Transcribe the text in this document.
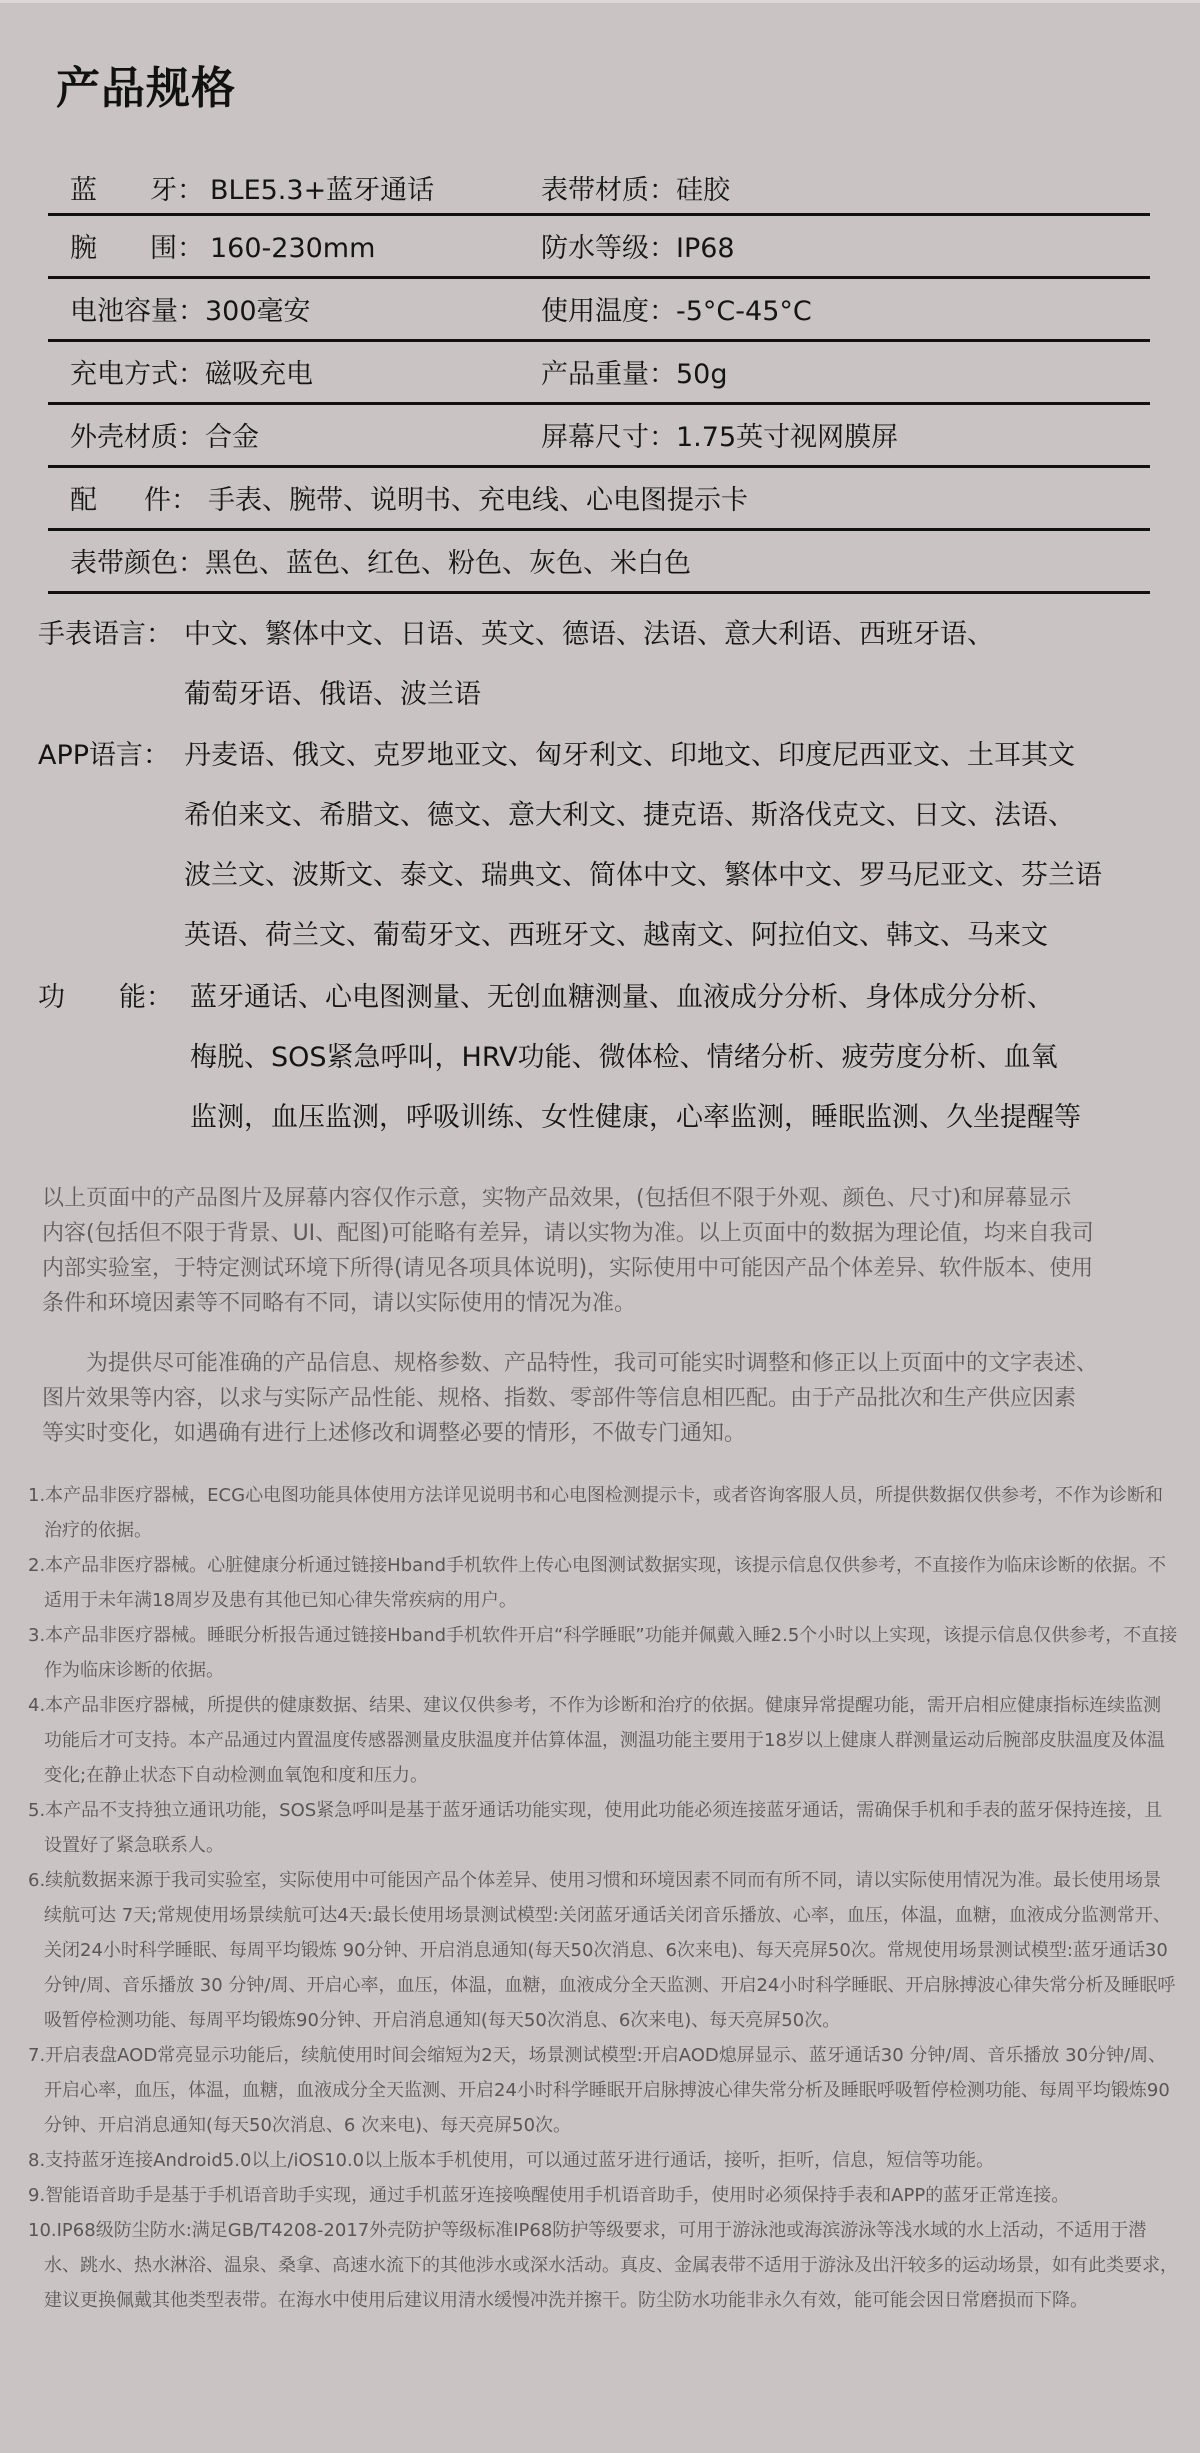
产品规格
蓝 牙： BLE5.3+蓝牙通话	表带材质：硅胶
腕 围： 160-230mm	防水等级：IP68
电池容量：300毫安	使用温度：-5°C-45°C
充电方式：磁吸充电	产品重量：50g
外壳材质：合金	屏幕尺寸：1.75英寸视网膜屏
配 件： 手表、腕带、说明书、充电线、心电图提示卡
表带颜色：黑色、蓝色、红色、粉色、灰色、米白色
手表语言： 中文、繁体中文、日语、英文、德语、法语、意大利语、西班牙语、
葡萄牙语、俄语、波兰语
APP语言： 丹麦语、俄文、克罗地亚文、匈牙利文、印地文、印度尼西亚文、土耳其文
希伯来文、希腊文、德文、意大利文、捷克语、斯洛伐克文、日文、法语、
波兰文、波斯文、泰文、瑞典文、简体中文、繁体中文、罗马尼亚文、芬兰语
英语、荷兰文、葡萄牙文、西班牙文、越南文、阿拉伯文、韩文、马来文
功　　能： 蓝牙通话、心电图测量、无创血糖测量、血液成分分析、身体成分分析、
梅脱、SOS紧急呼叫，HRV功能、微体检、情绪分析、疲劳度分析、血氧
监测，血压监测，呼吸训练、女性健康，心率监测，睡眠监测、久坐提醒等

以上页面中的产品图片及屏幕内容仅作示意，实物产品效果，(包括但不限于外观、颜色、尺寸)和屏幕显示

内容(包括但不限于背景、UI、配图)可能略有差异，请以实物为准。以上页面中的数据为理论值，均来自我司

内部实验室，于特定测试环境下所得(请见各项具体说明)，实际使用中可能因产品个体差异、软件版本、使用

条件和环境因素等不同略有不同，请以实际使用的情况为准。

　　为提供尽可能准确的产品信息、规格参数、产品特性，我司可能实时调整和修正以上页面中的文字表述、

图片效果等内容，以求与实际产品性能、规格、指数、零部件等信息相匹配。由于产品批次和生产供应因素

等实时变化，如遇确有进行上述修改和调整必要的情形，不做专门通知。

1.本产品非医疗器械，ECG心电图功能具体使用方法详见说明书和心电图检测提示卡，或者咨询客服人员，所提供数据仅供参考，不作为诊断和治疗的依据。
2.本产品非医疗器械。心脏健康分析通过链接Hband手机软件上传心电图测试数据实现，该提示信息仅供参考，不直接作为临床诊断的依据。不适用于未年满18周岁及患有其他已知心律失常疾病的用户。
3.本产品非医疗器械。睡眠分析报告通过链接Hband手机软件开启“科学睡眠”功能并佩戴入睡2.5个小时以上实现，该提示信息仅供参考，不直接作为临床诊断的依据。
4.本产品非医疗器械，所提供的健康数据、结果、建议仅供参考，不作为诊断和治疗的依据。健康异常提醒功能，需开启相应健康指标连续监测功能后才可支持。本产品通过内置温度传感器测量皮肤温度并估算体温，测温功能主要用于18岁以上健康人群测量运动后腕部皮肤温度及体温变化;在静止状态下自动检测血氧饱和度和压力。
5.本产品不支持独立通讯功能，SOS紧急呼叫是基于蓝牙通话功能实现，使用此功能必须连接蓝牙通话，需确保手机和手表的蓝牙保持连接，且设置好了紧急联系人。
6.续航数据来源于我司实验室，实际使用中可能因产品个体差异、使用习惯和环境因素不同而有所不同，请以实际使用情况为准。最长使用场景续航可达 7天;常规使用场景续航可达4天:最长使用场景测试模型:关闭蓝牙通话关闭音乐播放、心率，血压，体温，血糖，血液成分监测常开、关闭24小时科学睡眠、每周平均锻炼 90分钟、开启消息通知(每天50次消息、6次来电)、每天亮屏50次。常规使用场景测试模型:蓝牙通话30分钟/周、音乐播放 30 分钟/周、开启心率，血压，体温，血糖，血液成分全天监测、开启24小时科学睡眠、开启脉搏波心律失常分析及睡眠呼吸暂停检测功能、每周平均锻炼90分钟、开启消息通知(每天50次消息、6次来电)、每天亮屏50次。
7.开启表盘AOD常亮显示功能后，续航使用时间会缩短为2天，场景测试模型:开启AOD熄屏显示、蓝牙通话30 分钟/周、音乐播放 30分钟/周、开启心率，血压，体温，血糖，血液成分全天监测、开启24小时科学睡眠开启脉搏波心律失常分析及睡眠呼吸暂停检测功能、每周平均锻炼90分钟、开启消息通知(每天50次消息、6 次来电)、每天亮屏50次。
8.支持蓝牙连接Android5.0以上/iOS10.0以上版本手机使用，可以通过蓝牙进行通话，接听，拒听，信息，短信等功能。
9.智能语音助手是基于手机语音助手实现，通过手机蓝牙连接唤醒使用手机语音助手，使用时必须保持手表和APP的蓝牙正常连接。
10.IP68级防尘防水:满足GB/T4208-2017外壳防护等级标准IP68防护等级要求，可用于游泳池或海滨游泳等浅水域的水上活动，不适用于潜水、跳水、热水淋浴、温泉、桑拿、高速水流下的其他涉水或深水活动。真皮、金属表带不适用于游泳及出汗较多的运动场景，如有此类要求，建议更换佩戴其他类型表带。在海水中使用后建议用清水缓慢冲洗并擦干。防尘防水功能非永久有效，能可能会因日常磨损而下降。
